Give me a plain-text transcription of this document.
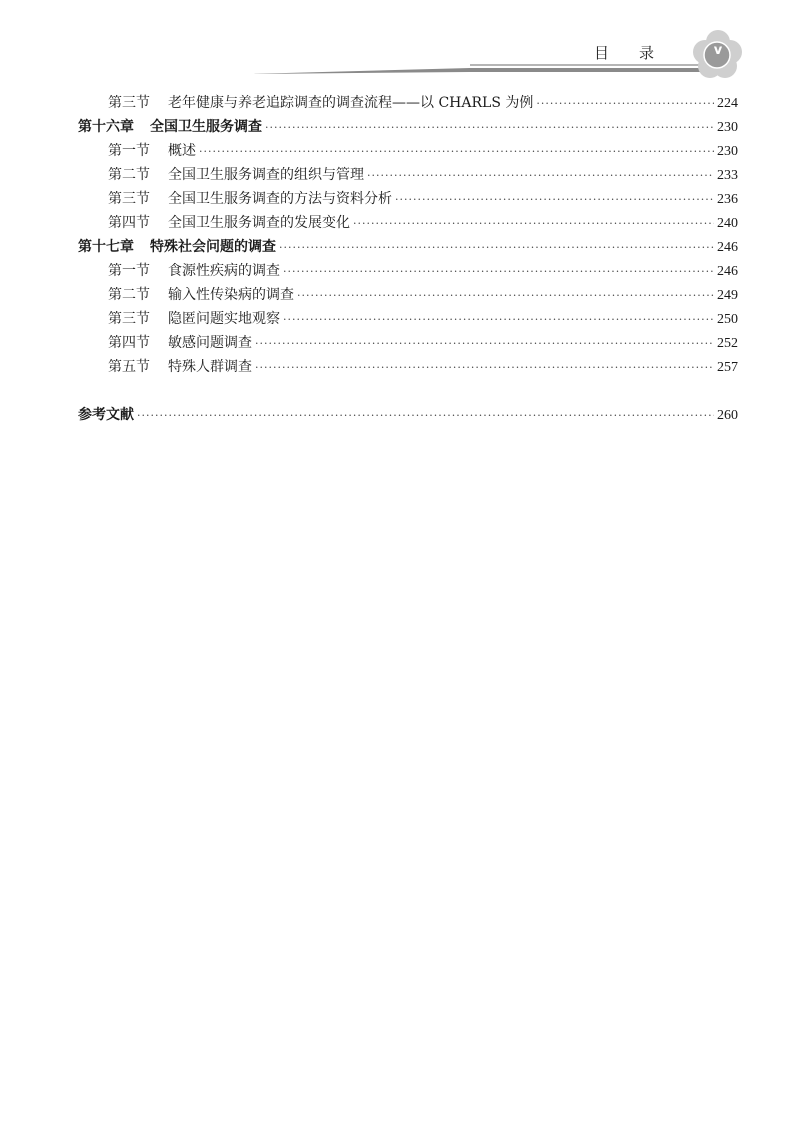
目录	v
第三节 老年健康与养老追踪调查的调查流程——以 CHARLS 为例 ·····	224
第十六章 全国卫生服务调查 ·····	230
第一节 概述 ·····	230
第二节 全国卫生服务调查的组织与管理 ·····	233
第三节 全国卫生服务调查的方法与资料分析 ·····	236
第四节 全国卫生服务调查的发展变化 ·····	240
第十七章 特殊社会问题的调查 ·····	246
第一节 食源性疾病的调查 ·····	246
第二节 输入性传染病的调查 ·····	249
第三节 隐匿问题实地观察 ·····	250
第四节 敏感问题调查 ·····	252
第五节 特殊人群调查 ·····	257
参考文献 ·····	260
